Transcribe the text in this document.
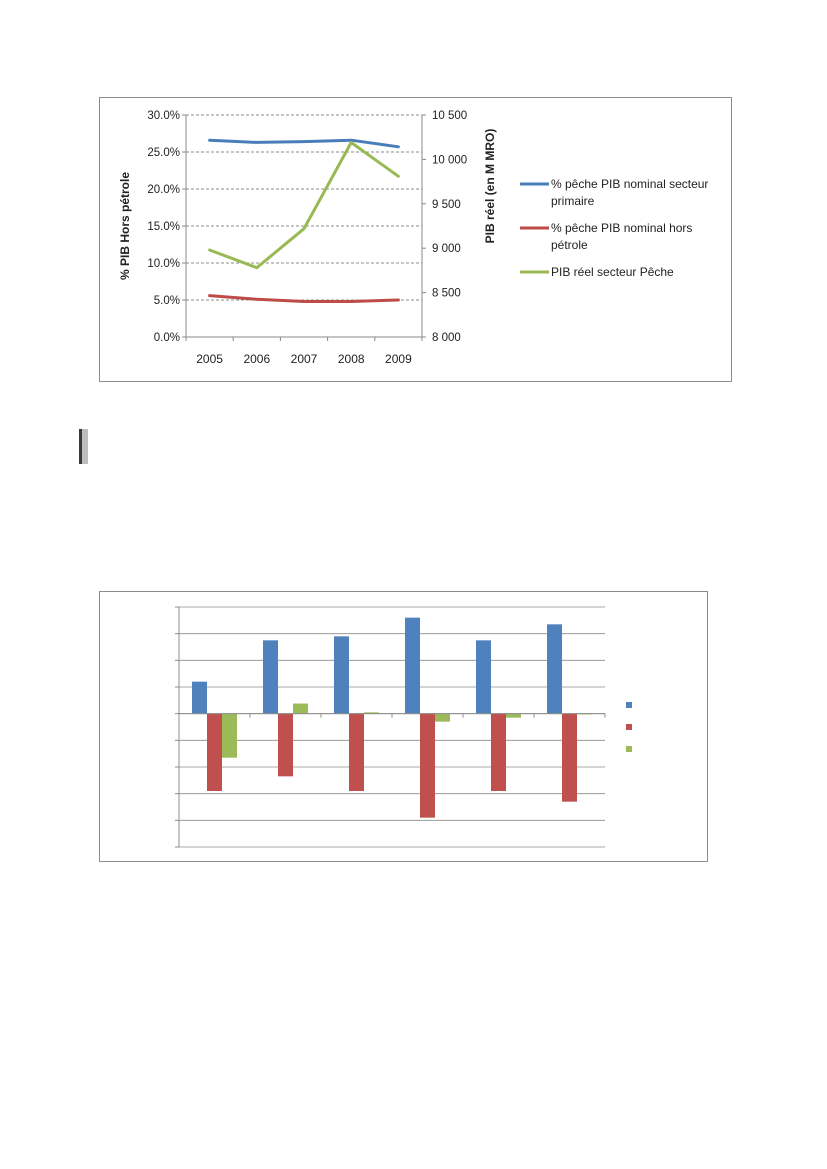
0.0%
5.0%
10.0%
15.0%
20.0%
25.0%
30.0%
8 000
8 500
9 000
9 500
10 000
10 500
2005 2006 2007 2008 2009
% PIB Hors pétrole	PIB réel (en M MRO)	% pêche PIB nominal secteur
primaire
% pêche PIB nominal hors
pétrole
PIB réel secteur Pêche
